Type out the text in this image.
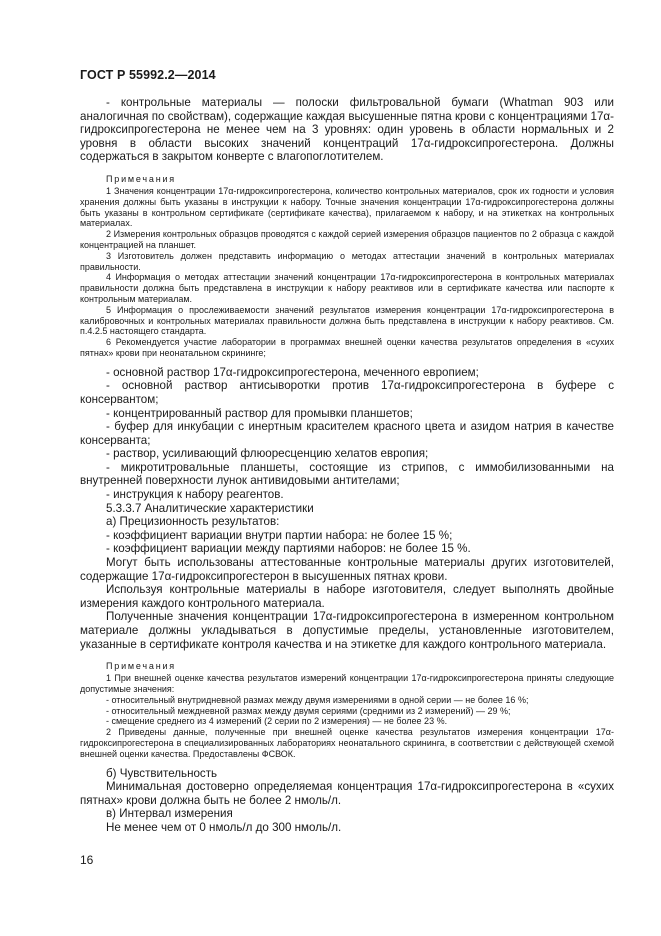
ГОСТ Р 55992.2—2014

- контрольные материалы — полоски фильтровальной бумаги (Whatman 903 или аналогичная по свойствам), содержащие каждая высушенные пятна крови с концентрациями 17α-гидроксипрогестерона не менее чем на 3 уровнях: один уровень в области нормальных и 2 уровня в области высоких значений концентраций 17α-гидроксипрогестерона. Должны содержаться в закрытом конверте с влагопоглотителем.

Примечания

1 Значения концентрации 17α-гидроксипрогестерона, количество контрольных материалов, срок их годности и условия хранения должны быть указаны в инструкции к набору. Точные значения концентрации 17α-гидроксипрогестерона должны быть указаны в контрольном сертификате (сертификате качества), прилагаемом к набору, и на этикетках на контрольных материалах.

2 Измерения контрольных образцов проводятся с каждой серией измерения образцов пациентов по 2 образца с каждой концентрацией на планшет.

3 Изготовитель должен представить информацию о методах аттестации значений в контрольных материалах правильности.

4 Информация о методах аттестации значений концентрации 17α-гидроксипрогестерона в контрольных материалах правильности должна быть представлена в инструкции к набору реактивов или в сертификате качества или паспорте к контрольным материалам.

5 Информация о прослеживаемости значений результатов измерения концентрации 17α-гидроксипрогестерона в калибровочных и контрольных материалах правильности должна быть представлена в инструкции к набору реактивов. См. п.4.2.5 настоящего стандарта.

6 Рекомендуется участие лаборатории в программах внешней оценки качества результатов определения в «сухих пятнах» крови при неонатальном скрининге;

- основной раствор 17α-гидроксипрогестерона, меченного европием;

- основной раствор антисыворотки против 17α-гидроксипрогестерона в буфере с консервантом;

- концентрированный раствор для промывки планшетов;

- буфер для инкубации с инертным красителем красного цвета и азидом натрия в качестве консерванта;

- раствор, усиливающий флюоресценцию хелатов европия;

- микротитровальные планшеты, состоящие из стрипов, с иммобилизованными на внутренней поверхности лунок антивидовыми антителами;

- инструкция к набору реагентов.

5.3.3.7 Аналитические характеристики

а) Прецизионность результатов:

- коэффициент вариации внутри партии набора: не более 15 %;

- коэффициент вариации между партиями наборов: не более 15 %.

Могут быть использованы аттестованные контрольные материалы других изготовителей, содержащие 17α-гидроксипрогестерон в высушенных пятнах крови.

Используя контрольные материалы в наборе изготовителя, следует выполнять двойные измерения каждого контрольного материала.

Полученные значения концентрации 17α-гидроксипрогестерона в измеренном контрольном материале должны укладываться в допустимые пределы, установленные изготовителем, указанные в сертификате контроля качества и на этикетке для каждого контрольного материала.

Примечания

1 При внешней оценке качества результатов измерений концентрации 17α-гидроксипрогестерона приняты следующие допустимые значения:

- относительный внутридневной размах между двумя измерениями в одной серии — не более 16 %;

- относительный междневной размах между двумя сериями (средними из 2 измерений) — 29 %;

- смещение среднего из 4 измерений (2 серии по 2 измерения) — не более 23 %.

2 Приведены данные, полученные при внешней оценке качества результатов измерения концентрации 17α-гидроксипрогестерона в специализированных лабораториях неонатального скрининга, в соответствии с действующей схемой внешней оценки качества. Предоставлены ФСВОК.

б) Чувствительность

Минимальная достоверно определяемая концентрация 17α-гидроксипрогестерона в «сухих пятнах» крови должна быть не более 2 нмоль/л.

в) Интервал измерения

Не менее чем от 0 нмоль/л до 300 нмоль/л.

16
